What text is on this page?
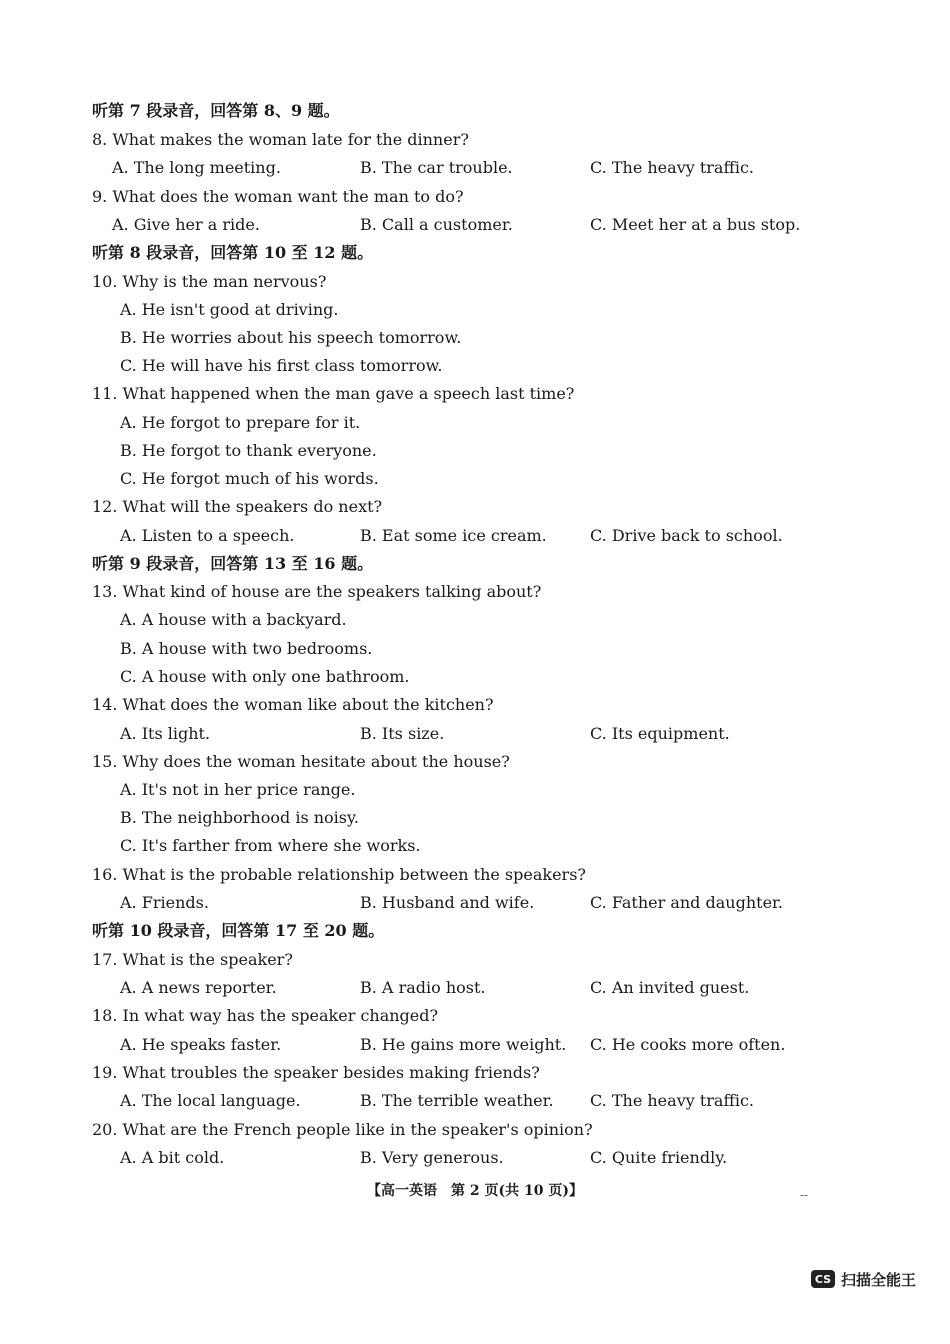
听第 7 段录音，回答第 8、9 题。
8. What makes the woman late for the dinner?
A. The long meeting.	B. The car trouble.	C. The heavy traffic.
9. What does the woman want the man to do?
A. Give her a ride.	B. Call a customer.	C. Meet her at a bus stop.
听第 8 段录音，回答第 10 至 12 题。
10. Why is the man nervous?
A. He isn't good at driving.
B. He worries about his speech tomorrow.
C. He will have his first class tomorrow.
11. What happened when the man gave a speech last time?
A. He forgot to prepare for it.
B. He forgot to thank everyone.
C. He forgot much of his words.
12. What will the speakers do next?
A. Listen to a speech.	B. Eat some ice cream.	C. Drive back to school.
听第 9 段录音，回答第 13 至 16 题。
13. What kind of house are the speakers talking about?
A. A house with a backyard.
B. A house with two bedrooms.
C. A house with only one bathroom.
14. What does the woman like about the kitchen?
A. Its light.	B. Its size.	C. Its equipment.
15. Why does the woman hesitate about the house?
A. It's not in her price range.
B. The neighborhood is noisy.
C. It's farther from where she works.
16. What is the probable relationship between the speakers?
A. Friends.	B. Husband and wife.	C. Father and daughter.
听第 10 段录音，回答第 17 至 20 题。
17. What is the speaker?
A. A news reporter.	B. A radio host.	C. An invited guest.
18. In what way has the speaker changed?
A. He speaks faster.	B. He gains more weight. C. He cooks more often.
19. What troubles the speaker besides making friends?
A. The local language.	B. The terrible weather. C. The heavy traffic.
20. What are the French people like in the speaker's opinion?
A. A bit cold.	B. Very generous.	C. Quite friendly.
【高一英语　第 2 页(共 10 页)】	--
CS 扫描全能王
